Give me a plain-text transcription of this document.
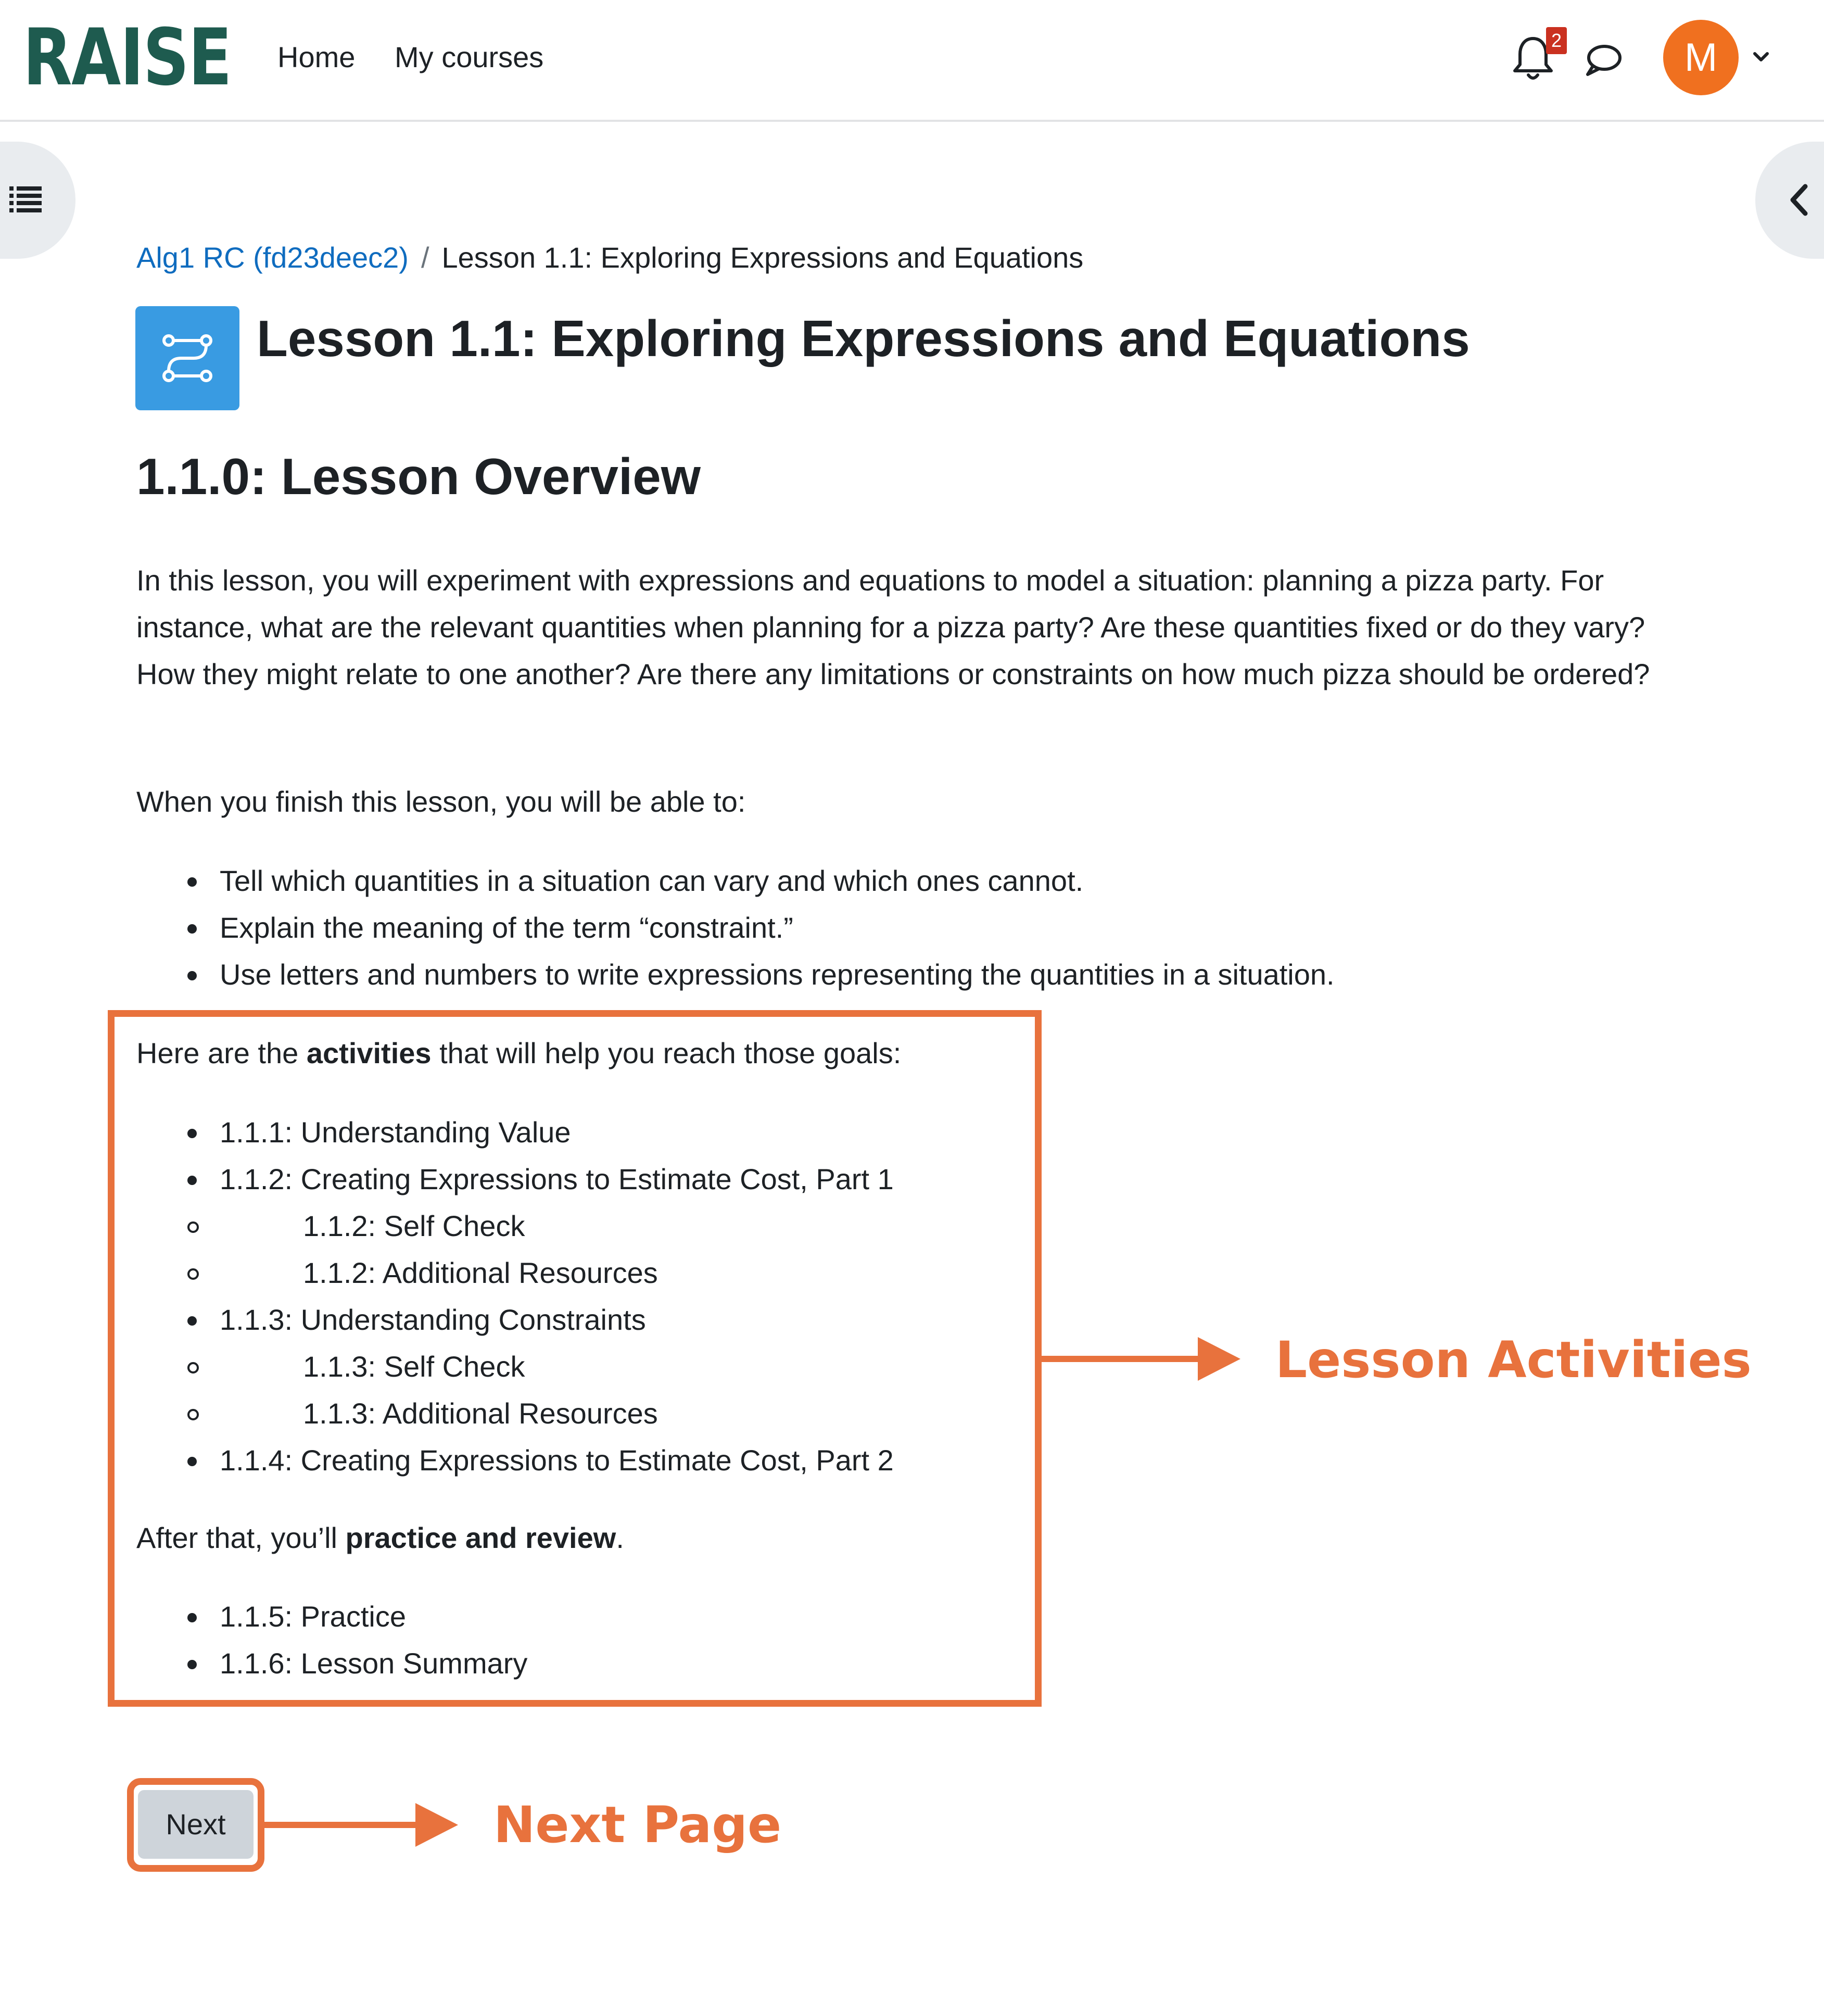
RAISE Home My courses
2	M
Alg1 RC (fd23deec2) / Lesson 1.1: Exploring Expressions and Equations
Lesson 1.1: Exploring Expressions and Equations
1.1.0: Lesson Overview

In this lesson, you will experiment with expressions and equations to model a situation: planning a pizza party. For instance, what are the relevant quantities when planning for a pizza party? Are these quantities fixed or do they vary? How they might relate to one another? Are there any limitations or constraints on how much pizza should be ordered?

When you finish this lesson, you will be able to:

Tell which quantities in a situation can vary and which ones cannot.
Explain the meaning of the term “constraint.”
Use letters and numbers to write expressions representing the quantities in a situation.

Here are the activities that will help you reach those goals:

1.1.1: Understanding Value
1.1.2: Creating Expressions to Estimate Cost, Part 1
1.1.2: Self Check
1.1.2: Additional Resources
1.1.3: Understanding Constraints
1.1.3: Self Check
1.1.3: Additional Resources
1.1.4: Creating Expressions to Estimate Cost, Part 2

After that, you’ll practice and review.

1.1.5: Practice
1.1.6: Lesson Summary
Lesson Activities
Next	Next Page
